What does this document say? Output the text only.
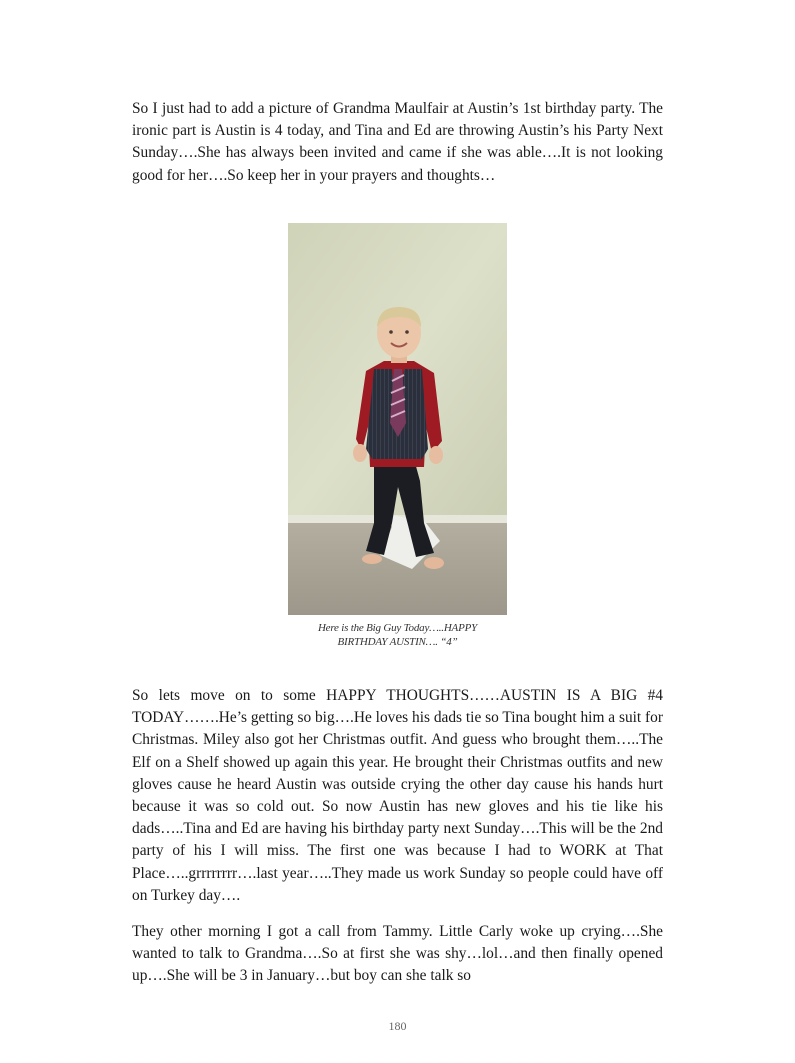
So I just had to add a picture of Grandma Maulfair at Austin’s 1st birthday party. The ironic part is Austin is 4 today, and Tina and Ed are throwing Austin’s his Party Next Sunday….She has always been invited and came if she was able….It is not looking good for her….So keep her in your prayers and thoughts…
Here is the Big Guy Today…..HAPPY
BIRTHDAY AUSTIN…. “4”
So lets move on to some HAPPY THOUGHTS……AUSTIN IS A BIG #4 TODAY…….He’s getting so big….He loves his dads tie so Tina bought him a suit for Christmas. Miley also got her Christmas outfit. And guess who brought them…..The Elf on a Shelf showed up again this year. He brought their Christmas outfits and new gloves cause he heard Austin was outside crying the other day cause his hands hurt because it was so cold out. So now Austin has new gloves and his tie like his dads…..Tina and Ed are having his birthday party next Sunday….This will be the 2nd party of his I will miss. The first one was because I had to WORK at That Place…..grrrrrrrr….last year…..They made us work Sunday so people could have off on Turkey day….
They other morning I got a call from Tammy. Little Carly woke up crying….She wanted to talk to Grandma….So at first she was shy…lol…and then finally opened up….She will be 3 in January…but boy can she talk so
180
